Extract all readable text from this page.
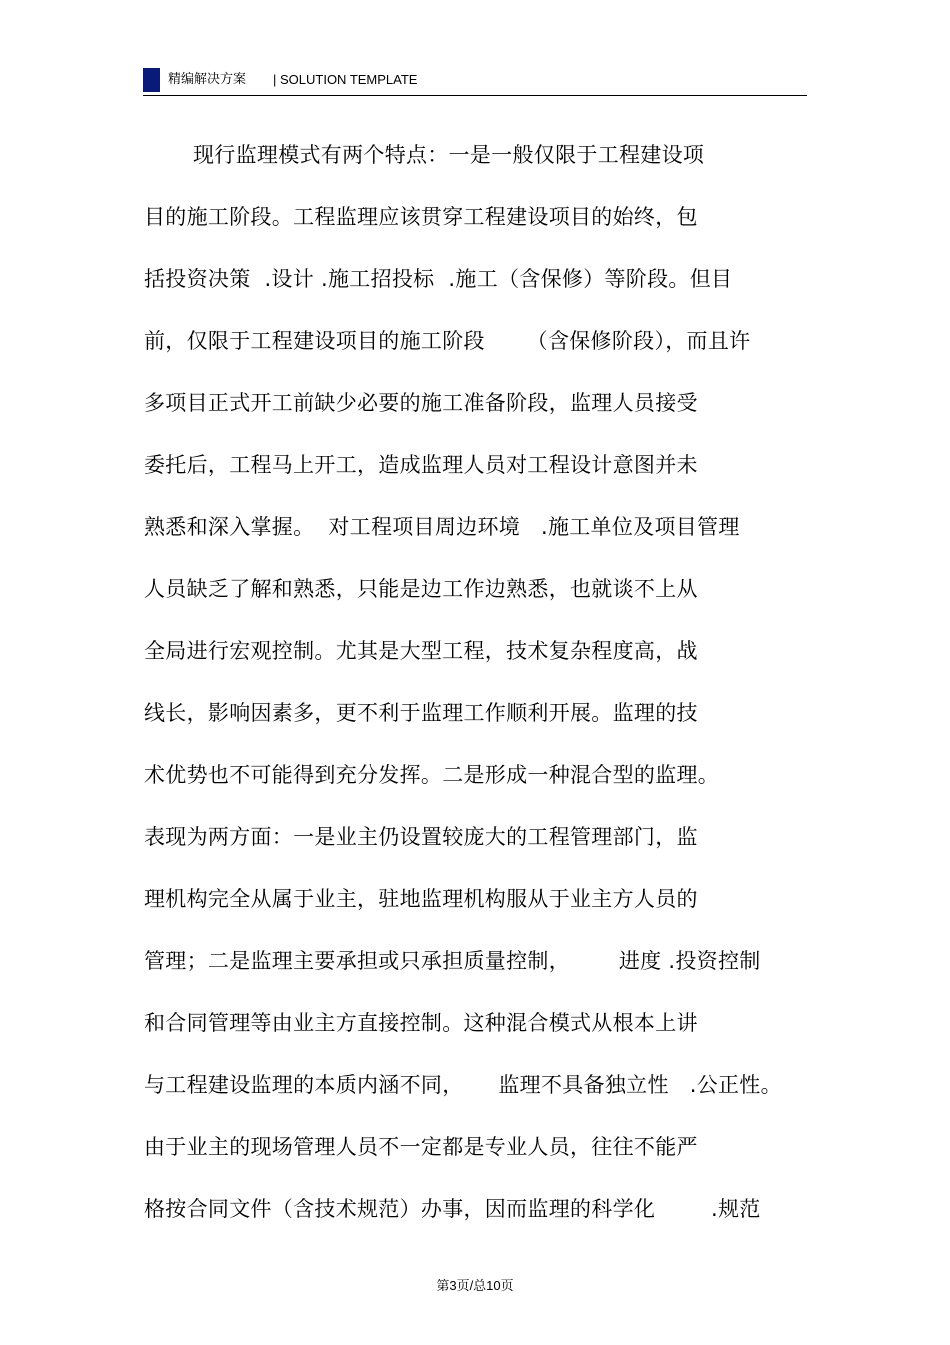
精编解决方案 | SOLUTION TEMPLATE
现行监理模式有两个特点：一是一般仅限于工程建设项
目的施工阶段。工程监理应该贯穿工程建设项目的始终，包
括投资决策  .设计 .施工招投标  .施工（含保修）等阶段。但目
前，仅限于工程建设项目的施工阶段      （含保修阶段），而且许
多项目正式开工前缺少必要的施工准备阶段，监理人员接受
委托后，工程马上开工，造成监理人员对工程设计意图并未
熟悉和深入掌握。  对工程项目周边环境   .施工单位及项目管理
人员缺乏了解和熟悉，只能是边工作边熟悉，也就谈不上从
全局进行宏观控制。尤其是大型工程，技术复杂程度高，战
线长，影响因素多，更不利于监理工作顺利开展。监理的技
术优势也不可能得到充分发挥。二是形成一种混合型的监理。
表现为两方面：一是业主仍设置较庞大的工程管理部门，监
理机构完全从属于业主，驻地监理机构服从于业主方人员的
管理；二是监理主要承担或只承担质量控制，       进度 .投资控制
和合同管理等由业主方直接控制。这种混合模式从根本上讲
与工程建设监理的本质内涵不同，     监理不具备独立性   .公正性。
由于业主的现场管理人员不一定都是专业人员，往往不能严
格按合同文件（含技术规范）办事，因而监理的科学化        .规范
第3页/总10页
